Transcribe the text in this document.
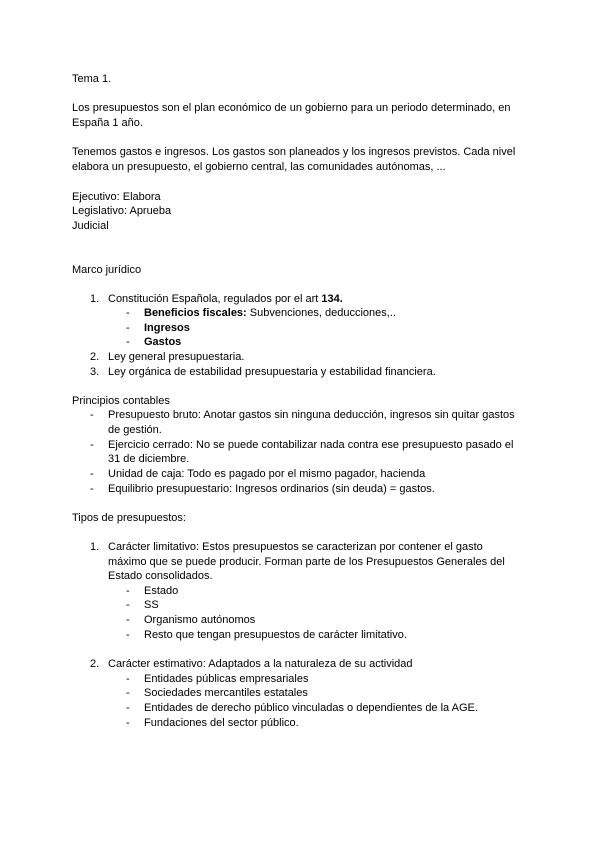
Tema 1.
Los presupuestos son el plan económico de un gobierno para un periodo determinado, en
España 1 año.
Tenemos gastos e ingresos. Los gastos son planeados y los ingresos previstos. Cada nivel
elabora un presupuesto, el gobierno central, las comunidades autónomas, ...
Ejecutivo: Elabora
Legislativo: Aprueba
Judicial
Marco jurídico
1. Constitución Española, regulados por el art 134.
- Beneficios fiscales: Subvenciones, deducciones,..
- Ingresos
- Gastos
2. Ley general presupuestaria.
3. Ley orgánica de estabilidad presupuestaria y estabilidad financiera.
Principios contables
- Presupuesto bruto: Anotar gastos sin ninguna deducción, ingresos sin quitar gastos
de gestión.
- Ejercicio cerrado: No se puede contabilizar nada contra ese presupuesto pasado el
31 de diciembre.
- Unidad de caja: Todo es pagado por el mismo pagador, hacienda
- Equilibrio presupuestario: Ingresos ordinarios (sin deuda) = gastos.
Tipos de presupuestos:
1. Carácter limitativo: Estos presupuestos se caracterizan por contener el gasto
máximo que se puede producir. Forman parte de los Presupuestos Generales del
Estado consolidados.
- Estado
- SS
- Organismo autónomos
- Resto que tengan presupuestos de carácter limitativo.
2. Carácter estimativo: Adaptados a la naturaleza de su actividad
- Entidades públicas empresariales
- Sociedades mercantiles estatales
- Entidades de derecho público vinculadas o dependientes de la AGE.
- Fundaciones del sector público.
